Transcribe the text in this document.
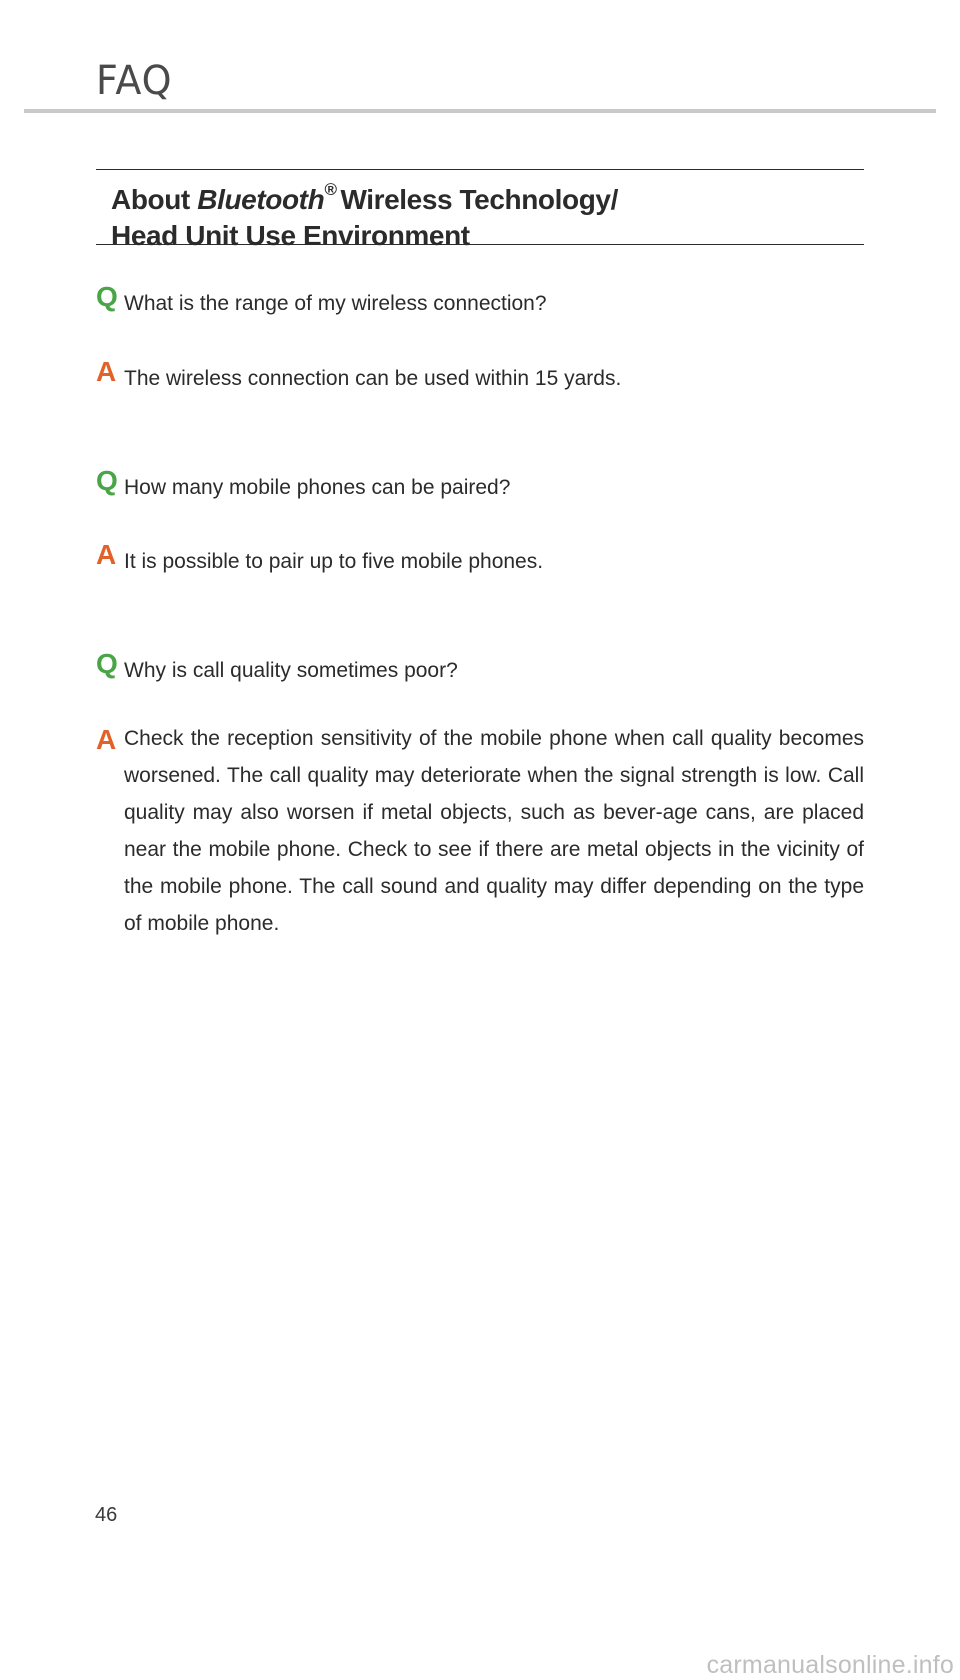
FAQ
About Bluetooth® Wireless Technology/
Head Unit Use Environment
Q What is the range of my wireless connection?
A The wireless connection can be used within 15 yards.
Q How many mobile phones can be paired?
A It is possible to pair up to five mobile phones.
Q Why is call quality sometimes poor?
A Check the reception sensitivity of the mobile phone when call quality becomes worsened. The call quality may deteriorate when the signal strength is low. Call quality may also worsen if metal objects, such as bever-age cans, are placed near the mobile phone. Check to see if there are metal objects in the vicinity of the mobile phone. The call sound and quality may differ depending on the type of mobile phone.
46
carmanualsonline.info
